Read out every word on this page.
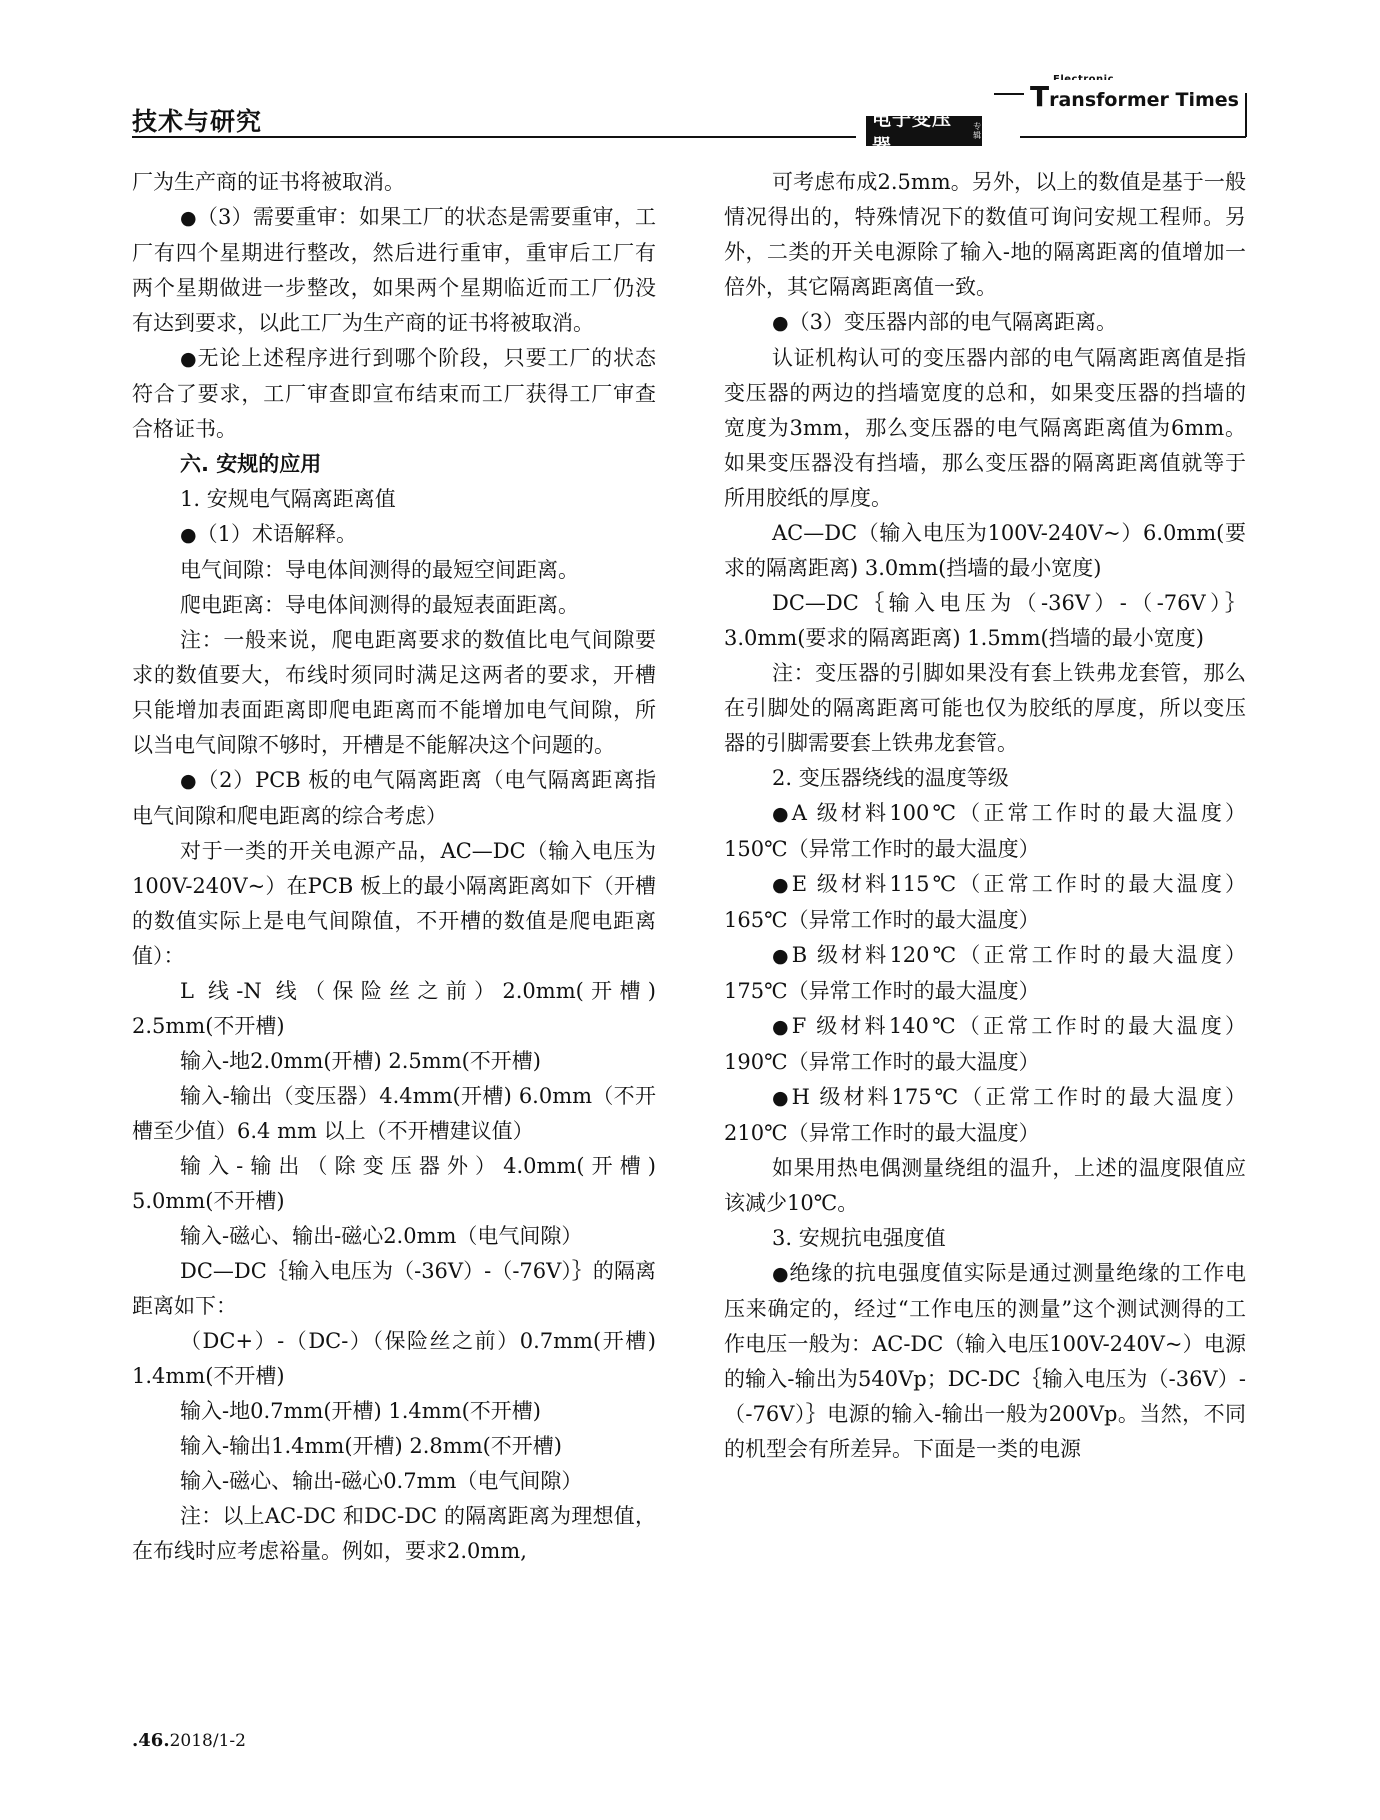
技术与研究
Transformer Times
电子变压器
专辑

厂为生产商的证书将被取消。

●（3）需要重审：如果工厂的状态是需要重审，工厂有四个星期进行整改，然后进行重审，重审后工厂有两个星期做进一步整改，如果两个星期临近而工厂仍没有达到要求，以此工厂为生产商的证书将被取消。

●无论上述程序进行到哪个阶段，只要工厂的状态符合了要求，工厂审查即宣布结束而工厂获得工厂审查合格证书。

六. 安规的应用

1. 安规电气隔离距离值

●（1）术语解释。

电气间隙：导电体间测得的最短空间距离。

爬电距离：导电体间测得的最短表面距离。

注：一般来说，爬电距离要求的数值比电气间隙要求的数值要大，布线时须同时满足这两者的要求，开槽只能增加表面距离即爬电距离而不能增加电气间隙，所以当电气间隙不够时，开槽是不能解决这个问题的。

●（2）PCB 板的电气隔离距离（电气隔离距离指电气间隙和爬电距离的综合考虑）

对于一类的开关电源产品，AC—DC（输入电压为100V-240V~）在PCB 板上的最小隔离距离如下（开槽的数值实际上是电气间隙值，不开槽的数值是爬电距离值）：

L 线-N 线（保险丝之前）2.0mm(开槽) 2.5mm(不开槽)

输入-地2.0mm(开槽) 2.5mm(不开槽)

输入-输出（变压器）4.4mm(开槽) 6.0mm（不开槽至少值）6.4 mm 以上（不开槽建议值）

输入-输出（除变压器外）4.0mm(开槽) 5.0mm(不开槽)

输入-磁心、输出-磁心2.0mm（电气间隙）

DC—DC｛输入电压为（-36V）-（-76V）｝的隔离距离如下：

（DC+）-（DC-）（保险丝之前）0.7mm(开槽) 1.4mm(不开槽)

输入-地0.7mm(开槽) 1.4mm(不开槽)

输入-输出1.4mm(开槽) 2.8mm(不开槽)

输入-磁心、输出-磁心0.7mm（电气间隙）

注：以上AC-DC 和DC-DC 的隔离距离为理想值，在布线时应考虑裕量。例如，要求2.0mm,

可考虑布成2.5mm。另外，以上的数值是基于一般情况得出的，特殊情况下的数值可询问安规工程师。另外，二类的开关电源除了输入-地的隔离距离的值增加一倍外，其它隔离距离值一致。

●（3）变压器内部的电气隔离距离。

认证机构认可的变压器内部的电气隔离距离值是指变压器的两边的挡墙宽度的总和，如果变压器的挡墙的宽度为3mm，那么变压器的电气隔离距离值为6mm。如果变压器没有挡墙，那么变压器的隔离距离值就等于所用胶纸的厚度。

AC—DC（输入电压为100V-240V~）6.0mm(要求的隔离距离) 3.0mm(挡墙的最小宽度)

DC—DC｛输入电压为（-36V）-（-76V）｝3.0mm(要求的隔离距离) 1.5mm(挡墙的最小宽度)

注：变压器的引脚如果没有套上铁弗龙套管，那么在引脚处的隔离距离可能也仅为胶纸的厚度，所以变压器的引脚需要套上铁弗龙套管。

2. 变压器绕线的温度等级

●A 级材料100℃（正常工作时的最大温度）150℃（异常工作时的最大温度）

●E 级材料115℃（正常工作时的最大温度）165℃（异常工作时的最大温度）

●B 级材料120℃（正常工作时的最大温度）175℃（异常工作时的最大温度）

●F 级材料140℃（正常工作时的最大温度）190℃（异常工作时的最大温度）

●H 级材料175℃（正常工作时的最大温度）210℃（异常工作时的最大温度）

如果用热电偶测量绕组的温升，上述的温度限值应该减少10℃。

3. 安规抗电强度值

●绝缘的抗电强度值实际是通过测量绝缘的工作电压来确定的，经过“工作电压的测量”这个测试测得的工作电压一般为：AC-DC（输入电压100V-240V~）电源的输入-输出为540Vp；DC-DC｛输入电压为（-36V）-（-76V）｝电源的输入-输出一般为200Vp。当然，不同的机型会有所差异。下面是一类的电源

.46.2018/1-2
